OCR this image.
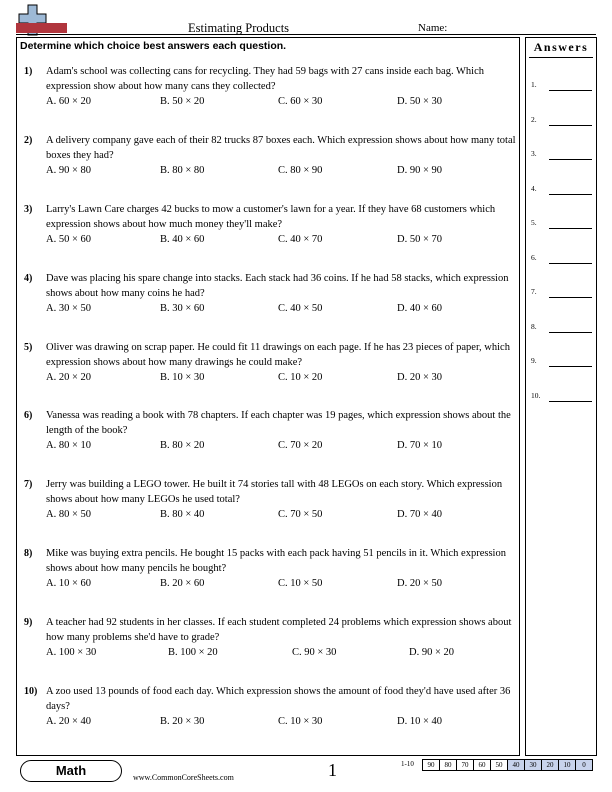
Estimating Products	Name:
Determine which choice best answers each question.
1) Adam's school was collecting cans for recycling. They had 59 bags with 27 cans inside each bag. Which expression show about how many cans they collected?
A. 60 × 20	B. 50 × 20	C. 60 × 30	D. 50 × 30
2) A delivery company gave each of their 82 trucks 87 boxes each. Which expression shows about how many total boxes they had?
A. 90 × 80	B. 80 × 80	C. 80 × 90	D. 90 × 90
3) Larry's Lawn Care charges 42 bucks to mow a customer's lawn for a year. If they have 68 customers which expression shows about how much money they'll make?
A. 50 × 60	B. 40 × 60	C. 40 × 70	D. 50 × 70
4) Dave was placing his spare change into stacks. Each stack had 36 coins. If he had 58 stacks, which expression shows about how many coins he had?
A. 30 × 50	B. 30 × 60	C. 40 × 50	D. 40 × 60
5) Oliver was drawing on scrap paper. He could fit 11 drawings on each page. If he has 23 pieces of paper, which expression shows about how many drawings he could make?
A. 20 × 20	B. 10 × 30	C. 10 × 20	D. 20 × 30
6) Vanessa was reading a book with 78 chapters. If each chapter was 19 pages, which expression shows about the length of the book?
A. 80 × 10	B. 80 × 20	C. 70 × 20	D. 70 × 10
7) Jerry was building a LEGO tower. He built it 74 stories tall with 48 LEGOs on each story. Which expression shows about how many LEGOs he used total?
A. 80 × 50	B. 80 × 40	C. 70 × 50	D. 70 × 40
8) Mike was buying extra pencils. He bought 15 packs with each pack having 51 pencils in it. Which expression shows about how many pencils he bought?
A. 10 × 60	B. 20 × 60	C. 10 × 50	D. 20 × 50
9) A teacher had 92 students in her classes. If each student completed 24 problems which expression shows about how many problems she'd have to grade?
A. 100 × 30	B. 100 × 20	C. 90 × 30	D. 90 × 20
10) A zoo used 13 pounds of food each day. Which expression shows the amount of food they'd have used after 36 days?
A. 20 × 40	B. 20 × 30	C. 10 × 30	D. 10 × 40
Answers
1.
2.
3.
4.
5.
6.
7.
8.
9.
10.
Math	www.CommonCoreSheets.com	1	1-10	90	80	70	60	50	40	30	20	10	0
